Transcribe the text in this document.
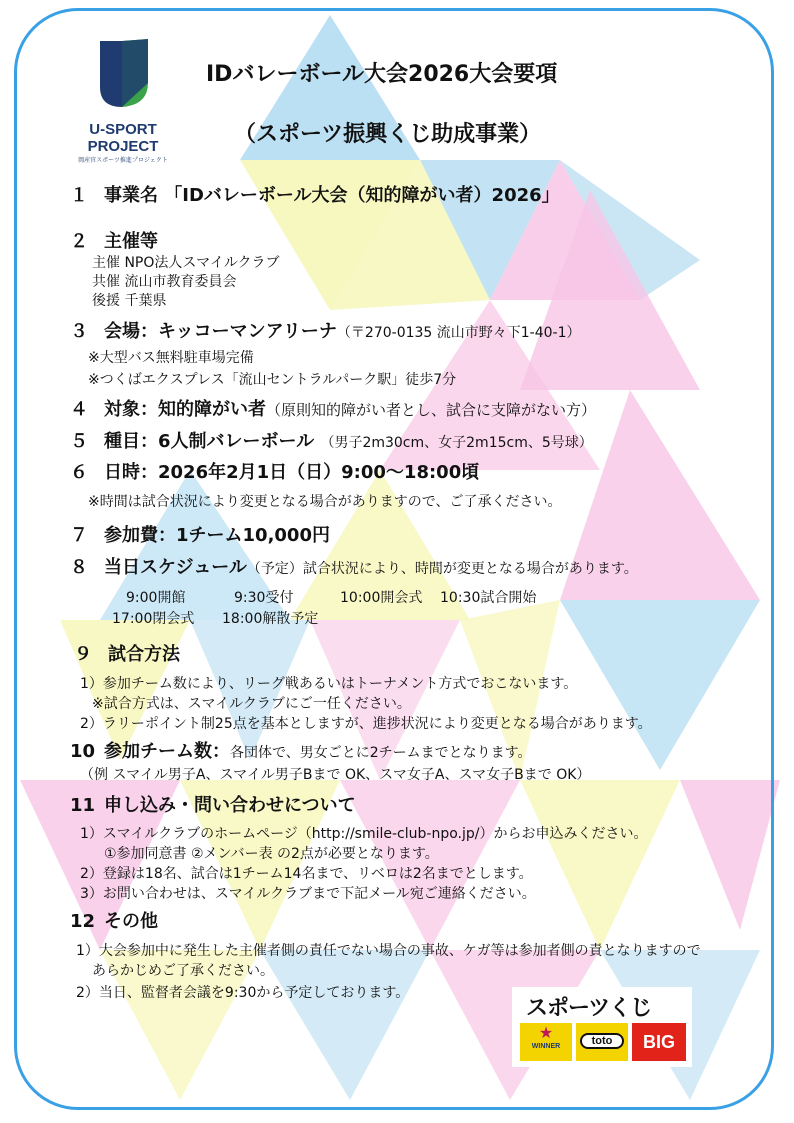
U-SPORT
PROJECT
岡産官スポーツ推進プロジェクト
IDバレーボール大会2026大会要項
（スポーツ振興くじ助成事業）
１ 事業名 「IDバレーボール大会（知的障がい者）2026」
２ 主催等
主催 NPO法人スマイルクラブ
共催 流山市教育委員会
後援 千葉県
３ 会場：キッコーマンアリーナ（〒270-0135 流山市野々下1-40-1）
※大型バス無料駐車場完備
※つくばエクスプレス「流山セントラルパーク駅」徒歩7分
４ 対象：知的障がい者（原則知的障がい者とし、試合に支障がない方）
５ 種目：6人制バレーボール （男子2m30cm、女子2m15cm、5号球）
６ 日時：2026年2月1日（日）9:00～18:00頃
※時間は試合状況により変更となる場合がありますので、ご了承ください。
７ 参加費：1チーム10,000円
８ 当日スケジュール（予定）試合状況により、時間が変更となる場合があります。
9:00開館	9:30受付	10:00開会式 10:30試合開始
17:00閉会式 18:00解散予定
９ 試合方法
1）参加チーム数により、リーグ戦あるいはトーナメント方式でおこないます。
※試合方式は、スマイルクラブにご一任ください。
2）ラリーポイント制25点を基本としますが、進捗状況により変更となる場合があります。
10 参加チーム数：各団体で、男女ごとに2チームまでとなります。
（例 スマイル男子A、スマイル男子Bまで OK、スマ女子A、スマ女子Bまで OK）
11 申し込み・問い合わせについて
1）スマイルクラブのホームページ（http://smile-club-npo.jp/）からお申込みください。
①参加同意書 ②メンバー表 の2点が必要となります。
2）登録は18名、試合は1チーム14名まで、リベロは2名までとします。
3）お問い合わせは、スマイルクラブまで下記メール宛ご連絡ください。
12 その他
1）大会参加中に発生した主催者側の責任でない場合の事故、ケガ等は参加者側の責となりますので
あらかじめご了承ください。
2）当日、監督者会議を9:30から予定しております。
スポーツくじ
★
WINNER	toto	BIG
